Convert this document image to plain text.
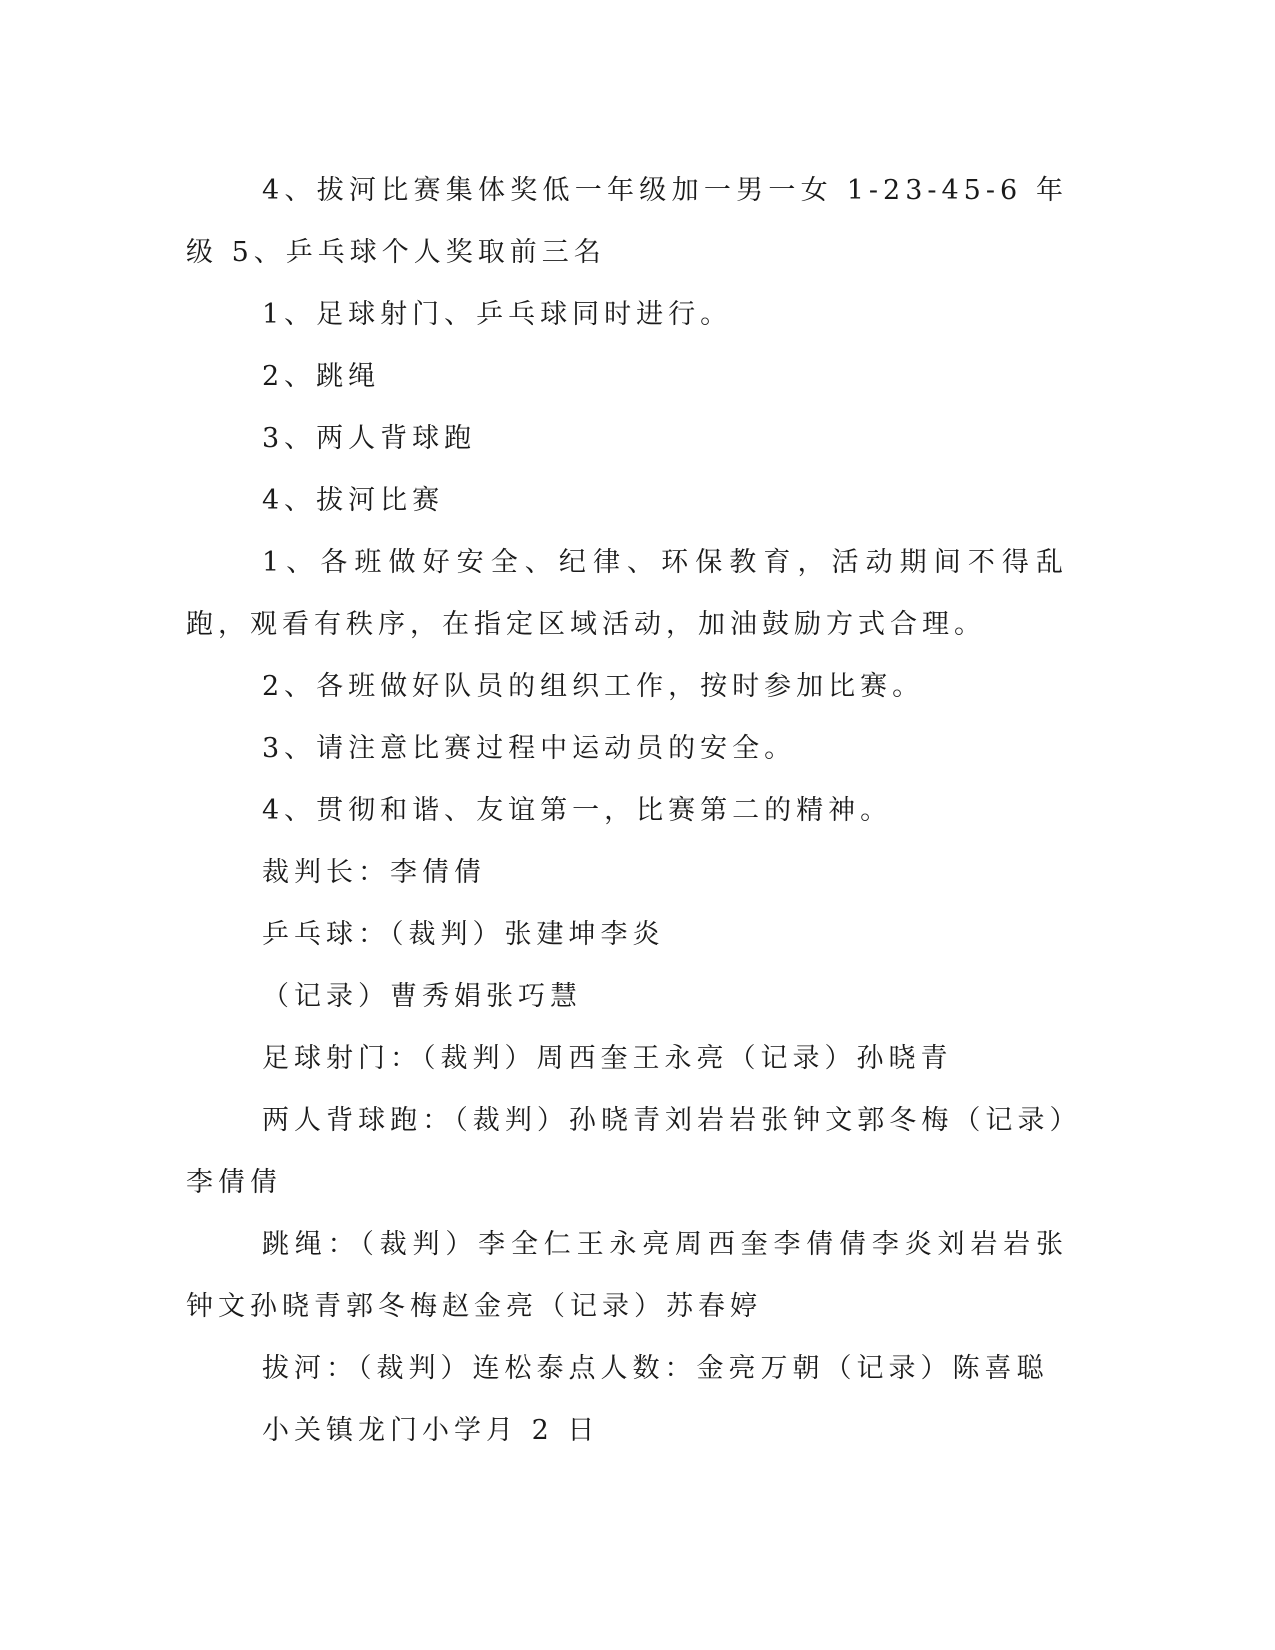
4、拔河比赛集体奖低一年级加一男一女 1-23-45-6 年级 5、乒乓球个人奖取前三名

1、足球射门、乒乓球同时进行。

2、跳绳

3、两人背球跑

4、拔河比赛

1、各班做好安全、纪律、环保教育，活动期间不得乱跑，观看有秩序，在指定区域活动，加油鼓励方式合理。

2、各班做好队员的组织工作，按时参加比赛。

3、请注意比赛过程中运动员的安全。

4、贯彻和谐、友谊第一，比赛第二的精神。

裁判长：李倩倩

乒乓球：（裁判）张建坤李炎

（记录）曹秀娟张巧慧

足球射门：（裁判）周西奎王永亮（记录）孙晓青

两人背球跑：（裁判）孙晓青刘岩岩张钟文郭冬梅（记录）李倩倩

跳绳：（裁判）李全仁王永亮周西奎李倩倩李炎刘岩岩张钟文孙晓青郭冬梅赵金亮（记录）苏春婷

拔河：（裁判）连松泰点人数：金亮万朝（记录）陈喜聪

小关镇龙门小学月 2 日
